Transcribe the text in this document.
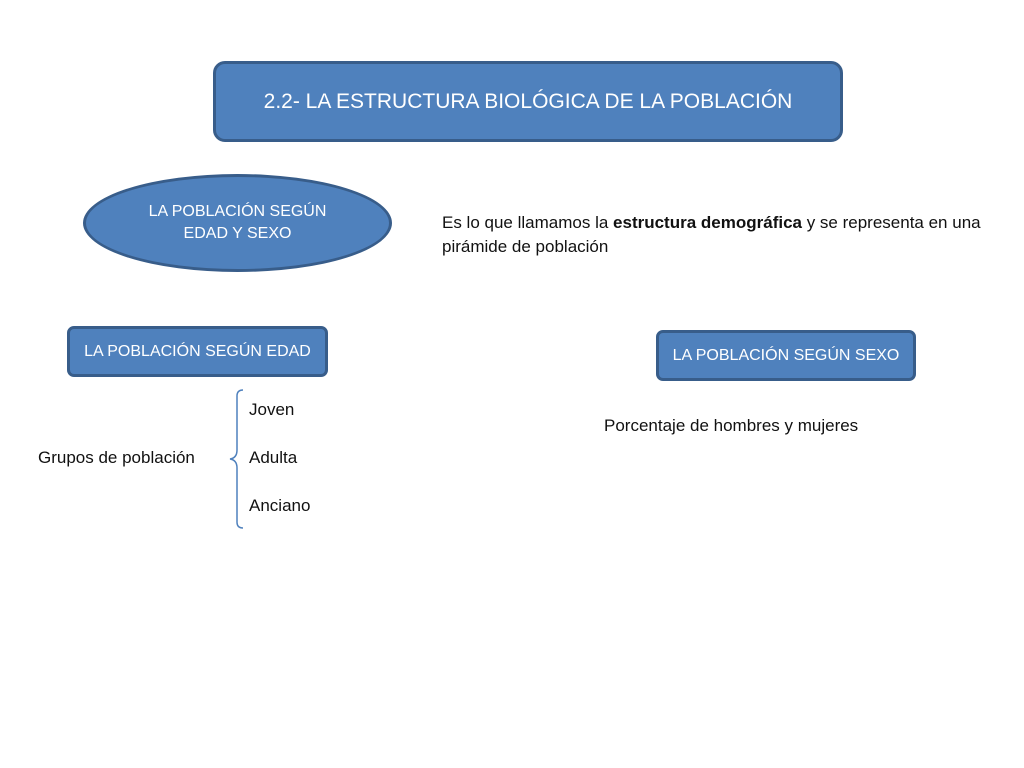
2.2- LA ESTRUCTURA BIOLÓGICA DE LA POBLACIÓN
LA POBLACIÓN SEGÚN
EDAD Y SEXO
Es lo que llamamos la estructura demográfica y se representa en una pirámide de población
LA POBLACIÓN SEGÚN EDAD	LA POBLACIÓN SEGÚN SEXO
Grupos de población
Joven
Adulta
Anciano
Porcentaje de hombres y mujeres
